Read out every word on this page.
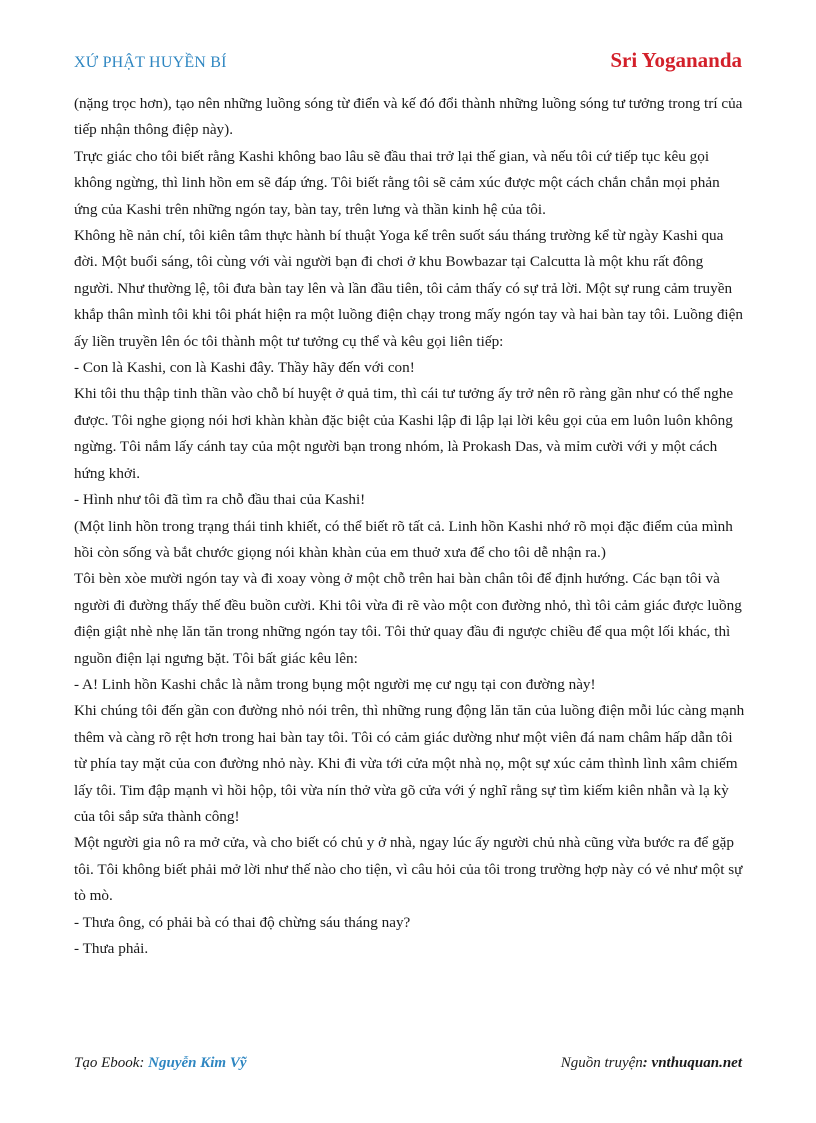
XỨ PHẬT HUYỀN BÍ	Sri Yogananda

(nặng trọc hơn), tạo nên những luồng sóng từ điển và kế đó đổi thành những luồng sóng tư tưởng trong trí của tiếp nhận thông điệp này).

Trực giác cho tôi biết rằng Kashi không bao lâu sẽ đầu thai trở lại thế gian, và nếu tôi cứ tiếp tục kêu gọi không ngừng, thì linh hồn em sẽ đáp ứng. Tôi biết rằng tôi sẽ cảm xúc được một cách chắn chắn mọi phản ứng của Kashi trên những ngón tay, bàn tay, trên lưng và thần kinh hệ của tôi.

Không hề nản chí, tôi kiên tâm thực hành bí thuật Yoga kể trên suốt sáu tháng trường kể từ ngày Kashi qua đời. Một buổi sáng, tôi cùng với vài người bạn đi chơi ở khu Bowbazar tại Calcutta là một khu rất đông người. Như thường lệ, tôi đưa bàn tay lên và lần đầu tiên, tôi cảm thấy có sự trả lời. Một sự rung cảm truyền khắp thân mình tôi khi tôi phát hiện ra một luồng điện chạy trong mấy ngón tay và hai bàn tay tôi. Luồng điện ấy liền truyền lên óc tôi thành một tư tưởng cụ thể và kêu gọi liên tiếp:

- Con là Kashi, con là Kashi đây. Thầy hãy đến với con!

Khi tôi thu thập tinh thần vào chỗ bí huyệt ở quả tim, thì cái tư tưởng ấy trở nên rõ ràng gần như có thể nghe được. Tôi nghe giọng nói hơi khàn khàn đặc biệt của Kashi lập đi lập lại lời kêu gọi của em luôn luôn không ngừng. Tôi nắm lấy cánh tay của một người bạn trong nhóm, là Prokash Das, và mỉm cười với y một cách hứng khởi.

- Hình như tôi đã tìm ra chỗ đầu thai của Kashi!

(Một linh hồn trong trạng thái tinh khiết, có thể biết rõ tất cả. Linh hồn Kashi nhớ rõ mọi đặc điểm của mình hồi còn sống và bắt chước giọng nói khàn khàn của em thuở xưa để cho tôi dễ nhận ra.)

Tôi bèn xòe mười ngón tay và đi xoay vòng ở một chỗ trên hai bàn chân tôi để định hướng. Các bạn tôi và người đi đường thấy thế đều buồn cười. Khi tôi vừa đi rẽ vào một con đường nhỏ, thì tôi cảm giác được luồng điện giật nhè nhẹ lăn tăn trong những ngón tay tôi. Tôi thử quay đầu đi ngược chiều để qua một lối khác, thì nguồn điện lại ngưng bặt. Tôi bất giác kêu lên:

- A! Linh hồn Kashi chắc là nằm trong bụng một người mẹ cư ngụ tại con đường này!

Khi chúng tôi đến gần con đường nhỏ nói trên, thì những rung động lăn tăn của luồng điện mỗi lúc càng mạnh thêm và càng rõ rệt hơn trong hai bàn tay tôi. Tôi có cảm giác dường như một viên đá nam châm hấp dẫn tôi từ phía tay mặt của con đường nhỏ này. Khi đi vừa tới cửa một nhà nọ, một sự xúc cảm thình lình xâm chiếm lấy tôi. Tim đập mạnh vì hồi hộp, tôi vừa nín thở vừa gõ cửa với ý nghĩ rằng sự tìm kiếm kiên nhẫn và lạ kỳ của tôi sắp sửa thành công!

Một người gia nô ra mở cửa, và cho biết có chủ y ở nhà, ngay lúc ấy người chủ nhà cũng vừa bước ra để gặp tôi. Tôi không biết phải mở lời như thế nào cho tiện, vì câu hỏi của tôi trong trường hợp này có vẻ như một sự tò mò.

- Thưa ông, có phải bà có thai độ chừng sáu tháng nay?

- Thưa phải.

Tạo Ebook: Nguyễn Kim Vỹ	Nguồn truyện: vnthuquan.net
